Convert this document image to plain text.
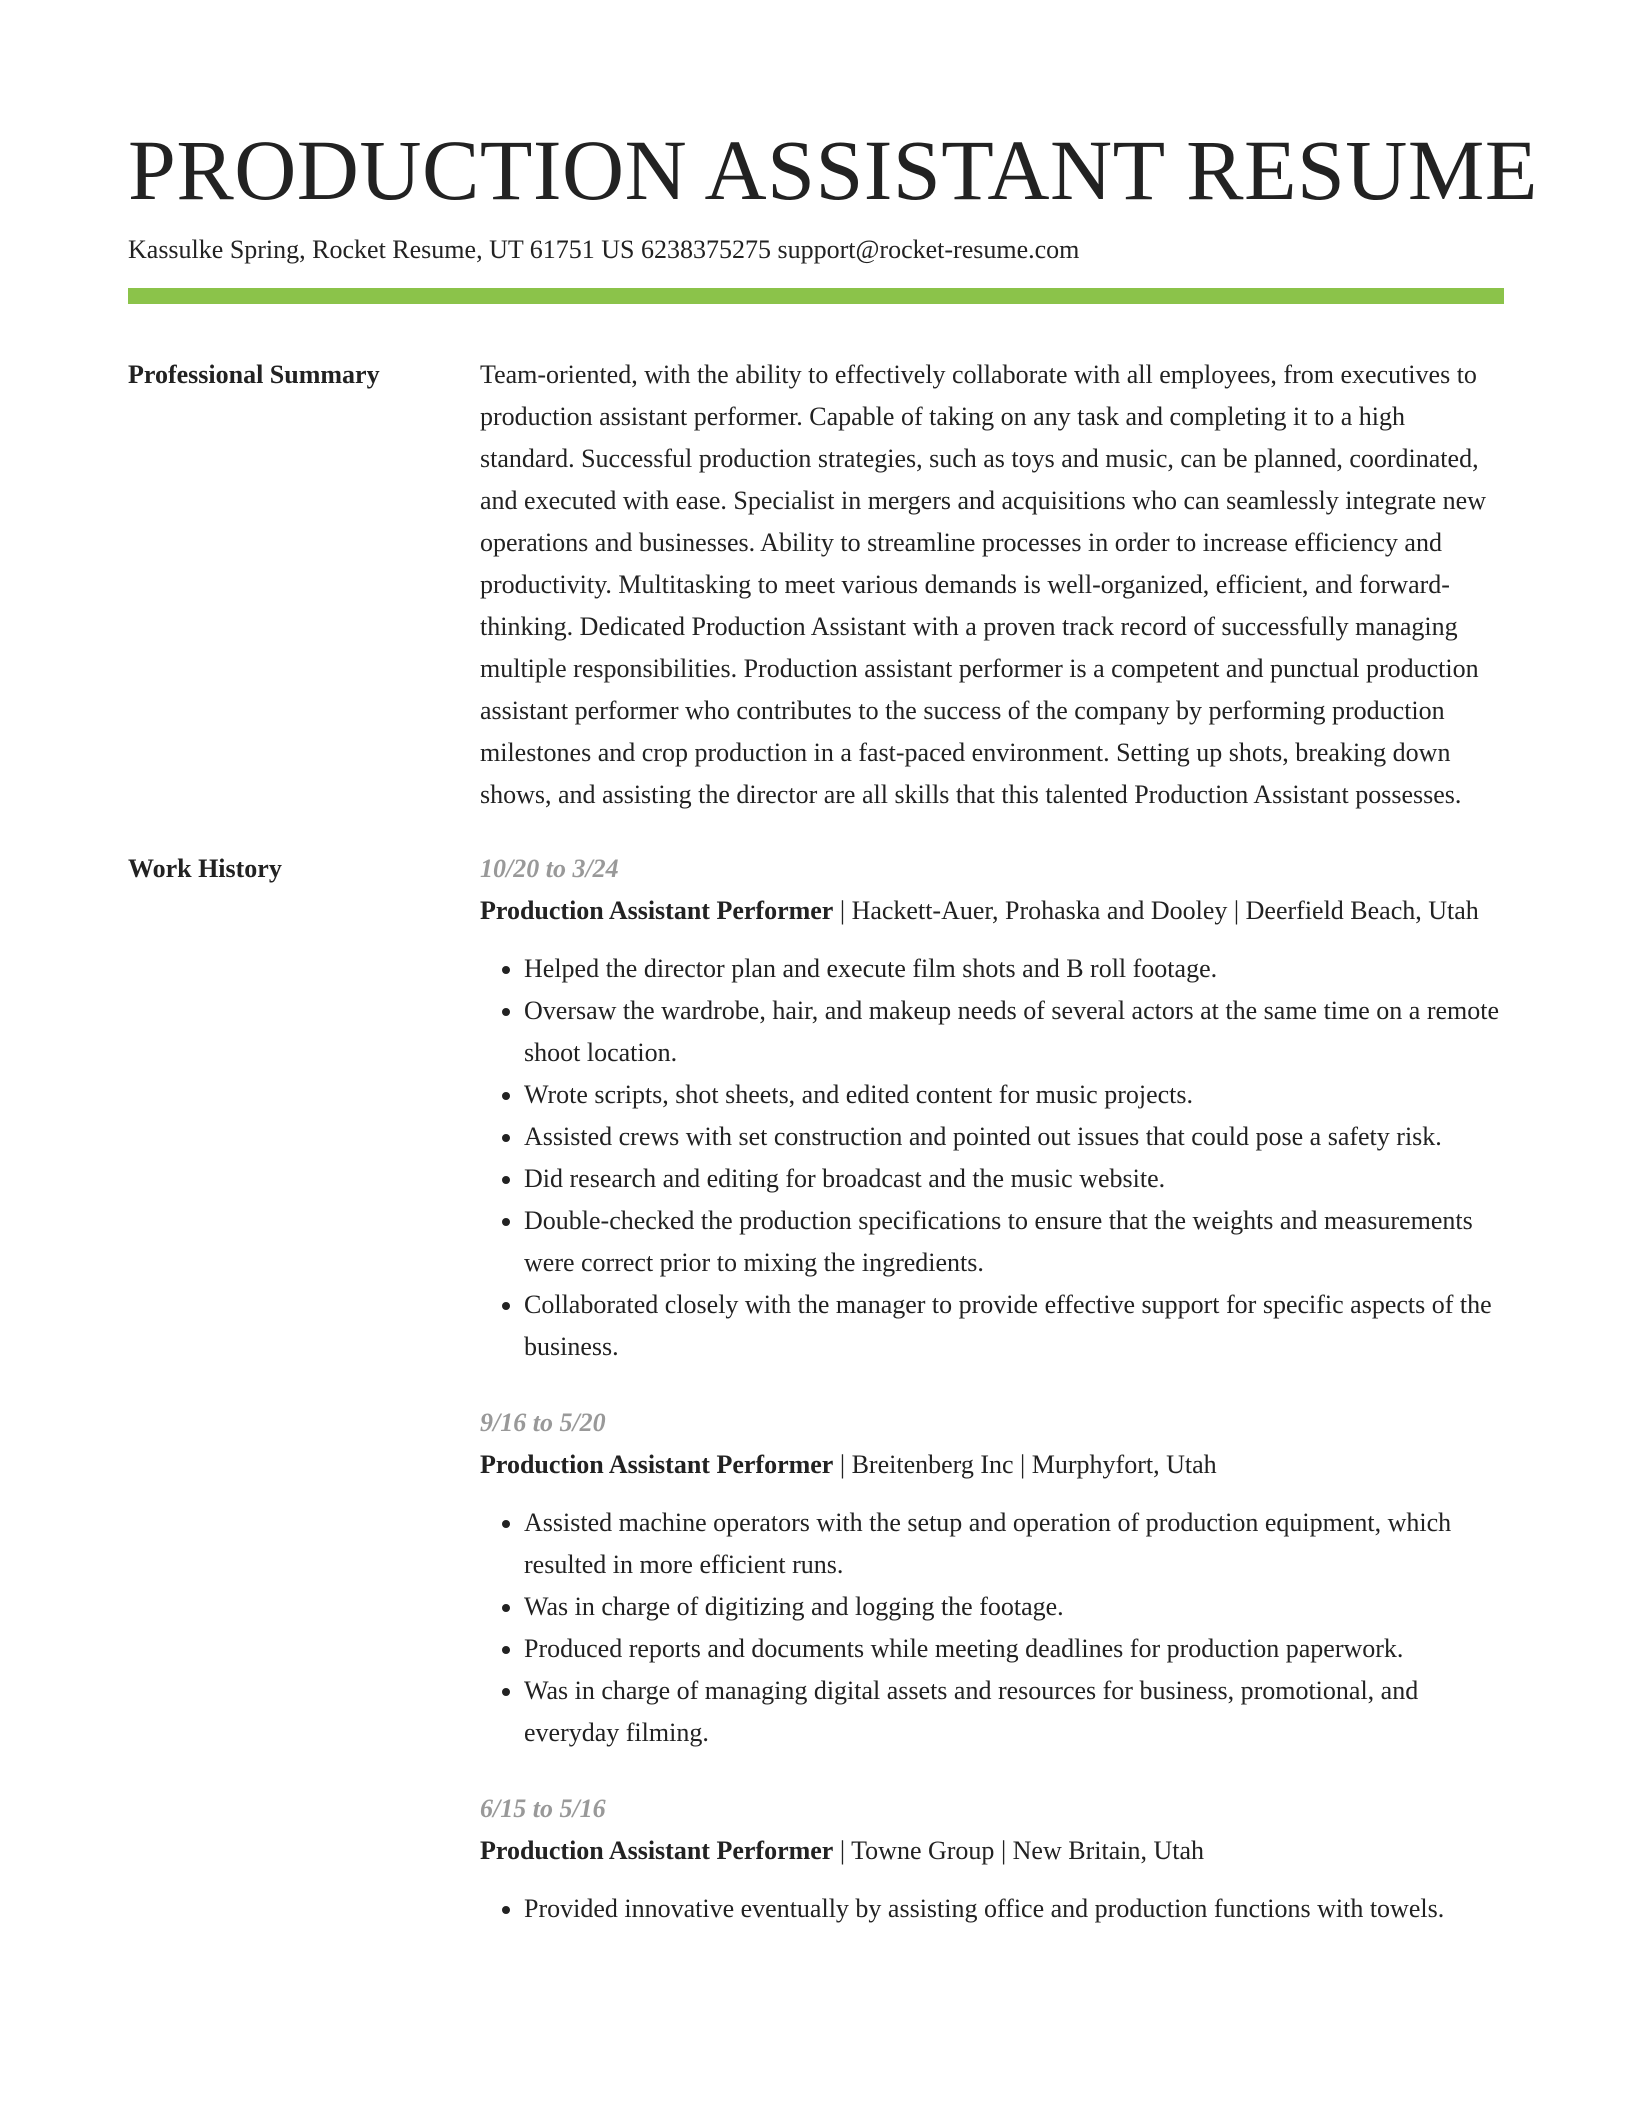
PRODUCTION ASSISTANT RESUME
Kassulke Spring, Rocket Resume, UT 61751 US 6238375275 support@rocket-resume.com
Professional Summary	Team-oriented, with the ability to effectively collaborate with all employees, from executives to production assistant performer. Capable of taking on any task and completing it to a high standard. Successful production strategies, such as toys and music, can be planned, coordinated, and executed with ease. Specialist in mergers and acquisitions who can seamlessly integrate new operations and businesses. Ability to streamline processes in order to increase efficiency and productivity. Multitasking to meet various demands is well-organized, efficient, and forward-thinking. Dedicated Production Assistant with a proven track record of successfully managing multiple responsibilities. Production assistant performer is a competent and punctual production assistant performer who contributes to the success of the company by performing production milestones and crop production in a fast-paced environment. Setting up shots, breaking down shows, and assisting the director are all skills that this talented Production Assistant possesses.

Work History	10/20 to 3/24
Production Assistant Performer | Hackett-Auer, Prohaska and Dooley | Deerfield Beach, Utah
• Helped the director plan and execute film shots and B roll footage.
• Oversaw the wardrobe, hair, and makeup needs of several actors at the same time on a remote shoot location.
• Wrote scripts, shot sheets, and edited content for music projects.
• Assisted crews with set construction and pointed out issues that could pose a safety risk.
• Did research and editing for broadcast and the music website.
• Double-checked the production specifications to ensure that the weights and measurements were correct prior to mixing the ingredients.
• Collaborated closely with the manager to provide effective support for specific aspects of the business.
9/16 to 5/20
Production Assistant Performer | Breitenberg Inc | Murphyfort, Utah
• Assisted machine operators with the setup and operation of production equipment, which resulted in more efficient runs.
• Was in charge of digitizing and logging the footage.
• Produced reports and documents while meeting deadlines for production paperwork.
• Was in charge of managing digital assets and resources for business, promotional, and everyday filming.
6/15 to 5/16
Production Assistant Performer | Towne Group | New Britain, Utah
• Provided innovative eventually by assisting office and production functions with towels.
